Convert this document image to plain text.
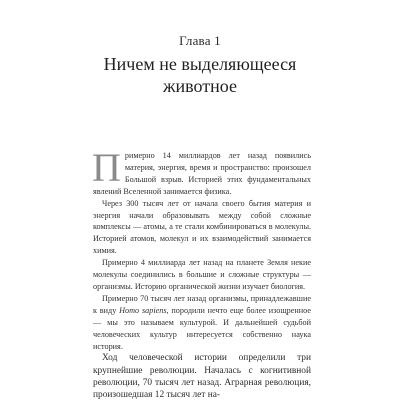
Глава 1
Ничем не выделяющееся
животное

Примерно 14 миллиардов лет назад появились материя, энергия, время и пространство: произошел Большой взрыв. Историей этих фундаментальных явлений Вселенной занимается физика.

Через 300 тысяч лет от начала своего бытия материя и энергия начали образовывать между собой сложные комплексы — атомы, а те стали комбинироваться в молекулы. Историей атомов, молекул и их взаимодействий занимается химия.

Примерно 4 миллиарда лет назад на планете Земля некие молекулы соединились в большие и сложные структуры — организмы. Историю органической жизни изучает биология.

Примерно 70 тысяч лет назад организмы, принадлежавшие к виду Homo sapiens, породили нечто еще более изощренное — мы это называем культурой. И дальнейшей судьбой человеческих культур интересуется собственно наука история.

Ход человеческой истории определили три крупнейшие революции. Началась с когнитивной революции, 70 тысяч лет назад. Аграрная революция, произошедшая 12 тысяч лет на-
